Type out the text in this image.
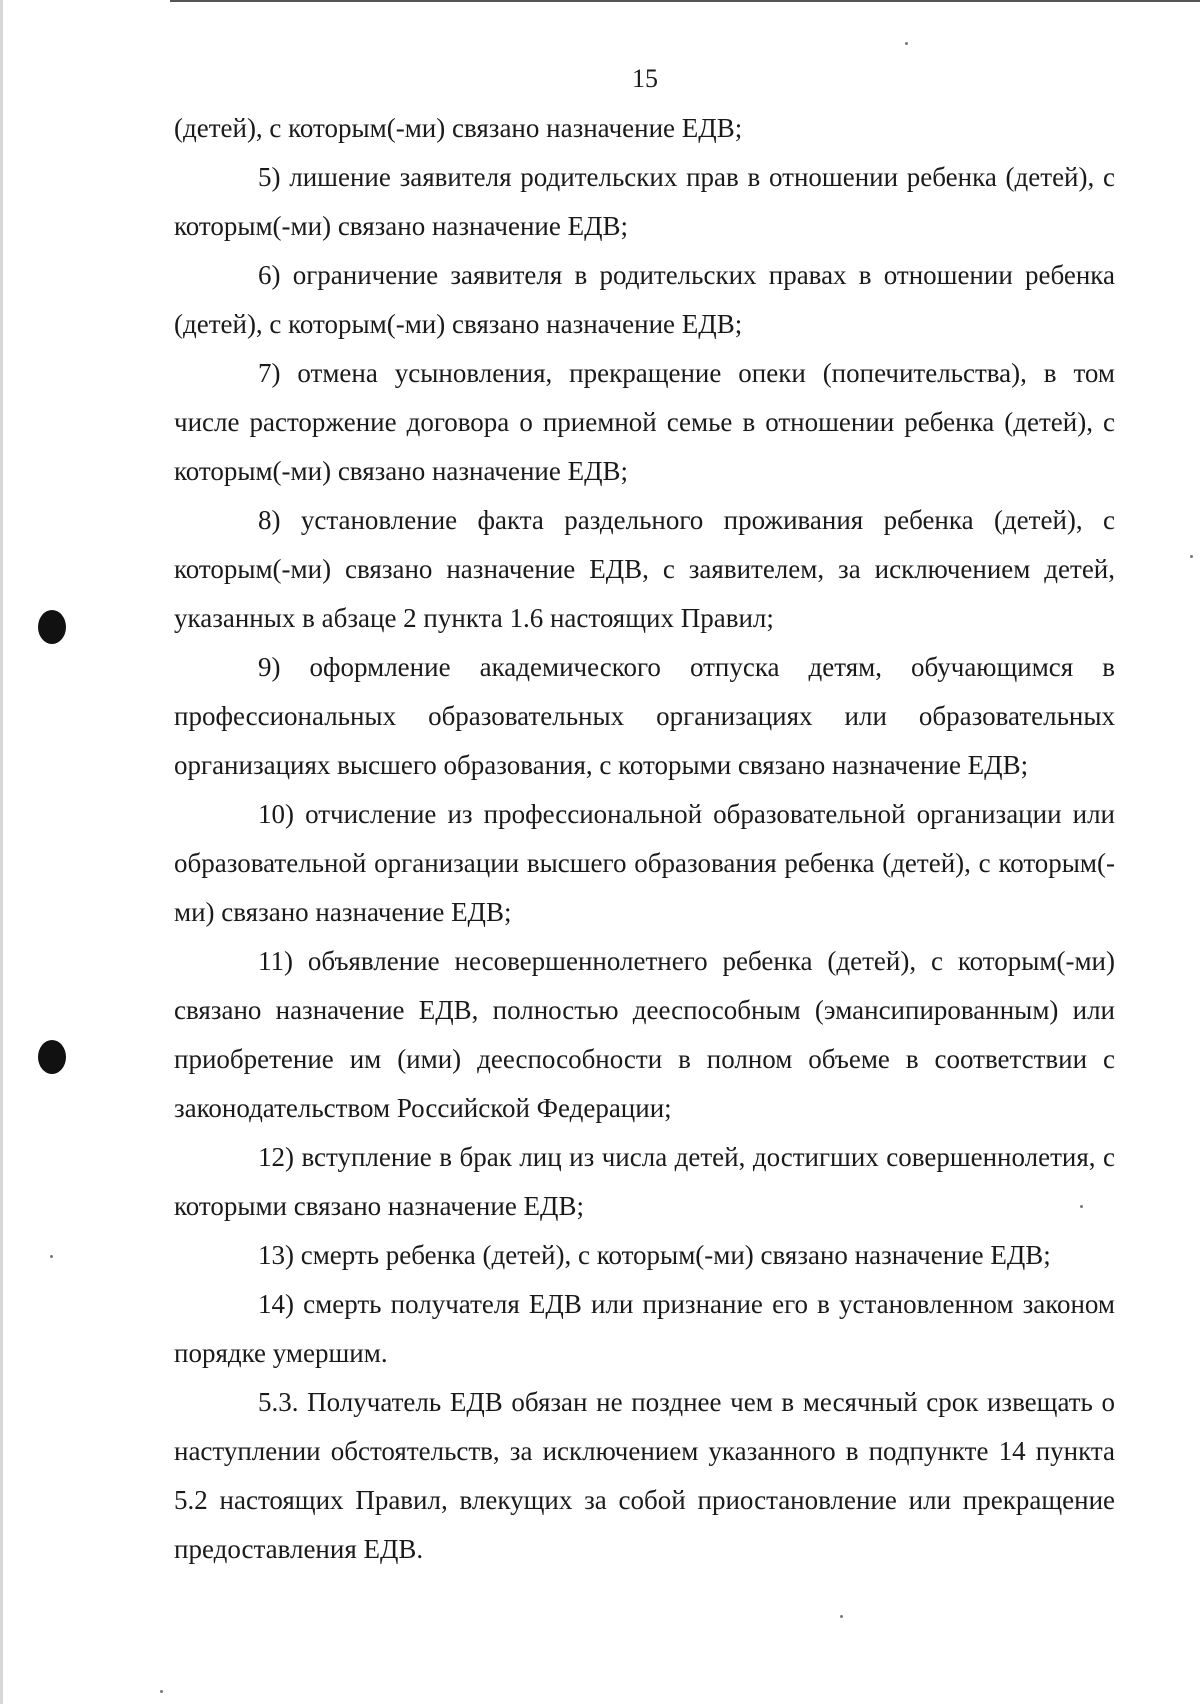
15

(детей), с которым(-ми) связано назначение ЕДВ;

5) лишение заявителя родительских прав в отношении ребенка (детей), с которым(-ми) связано назначение ЕДВ;

6) ограничение заявителя в родительских правах в отношении ребенка (детей), с которым(-ми) связано назначение ЕДВ;

7) отмена усыновления, прекращение опеки (попечительства), в том числе расторжение договора о приемной семье в отношении ребенка (детей), с которым(-ми) связано назначение ЕДВ;

8) установление факта раздельного проживания ребенка (детей), с которым(-ми) связано назначение ЕДВ, с заявителем, за исключением детей, указанных в абзаце 2 пункта 1.6 настоящих Правил;

9) оформление академического отпуска детям, обучающимся в профессиональных образовательных организациях или образовательных организациях высшего образования, с которыми связано назначение ЕДВ;

10) отчисление из профессиональной образовательной организации или образовательной организации высшего образования ребенка (детей), с которым(-ми) связано назначение ЕДВ;

11) объявление несовершеннолетнего ребенка (детей), с которым(-ми) связано назначение ЕДВ, полностью дееспособным (эмансипированным) или приобретение им (ими) дееспособности в полном объеме в соответствии с законодательством Российской Федерации;

12) вступление в брак лиц из числа детей, достигших совершеннолетия, с которыми связано назначение ЕДВ;

13) смерть ребенка (детей), с которым(-ми) связано назначение ЕДВ;

14) смерть получателя ЕДВ или признание его в установленном законом порядке умершим.

5.3. Получатель ЕДВ обязан не позднее чем в месячный срок извещать о наступлении обстоятельств, за исключением указанного в подпункте 14 пункта 5.2 настоящих Правил, влекущих за собой приостановление или прекращение предоставления ЕДВ.
